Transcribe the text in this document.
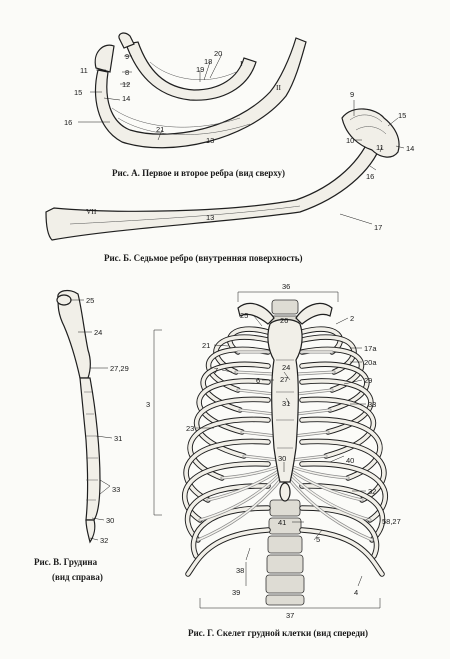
20
18
19
I
9
8
11
12	II
15
14
16
21
13
Рис. А. Первое и второе ребра (вид сверху)
9
15
10
11	14
16
VII
13
17
Рис. Б. Седьмое ребро (внутренняя поверхность)
25
24
27,29
31
33
30
32
Рис. В. Грудина
(вид справа)
36
25
26	2
21	17a
20a
7
6
24
27	29
3	31	33
23
30	40
32
41
5
58,27
38
39	4
37
Рис. Г. Скелет грудной клетки (вид спереди)
